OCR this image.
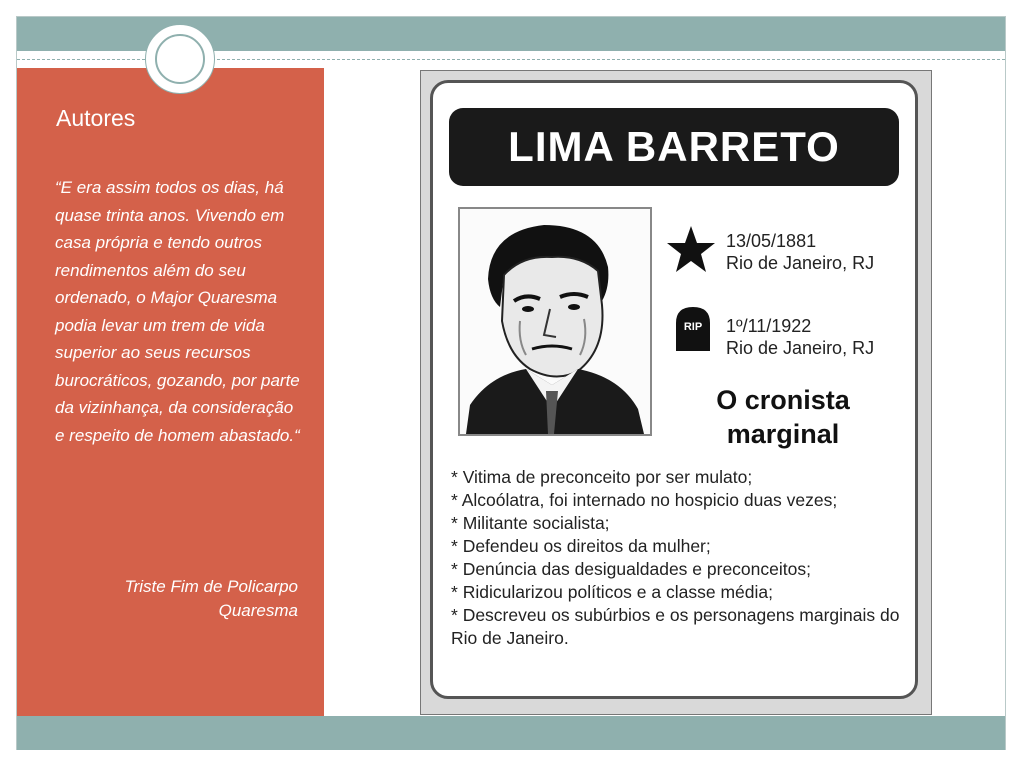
Autores
“E era assim todos os dias, há quase trinta anos. Vivendo em casa própria e tendo outros rendimentos além do seu ordenado, o Major Quaresma podia levar um trem de vida superior ao seus recursos burocráticos, gozando, por parte da vizinhança, da consideração e respeito de homem abastado.“
Triste Fim de Policarpo Quaresma
LIMA BARRETO
13/05/1881
Rio de Janeiro, RJ
RIP 1º/11/1922
Rio de Janeiro, RJ
O cronista
marginal
* Vitima de preconceito por ser mulato;
* Alcoólatra, foi internado no hospicio duas vezes;
* Militante socialista;
* Defendeu os direitos da mulher;
* Denúncia das desigualdades e preconceitos;
* Ridicularizou políticos e a classe média;
* Descreveu os subúrbios e os personagens marginais do Rio de Janeiro.
